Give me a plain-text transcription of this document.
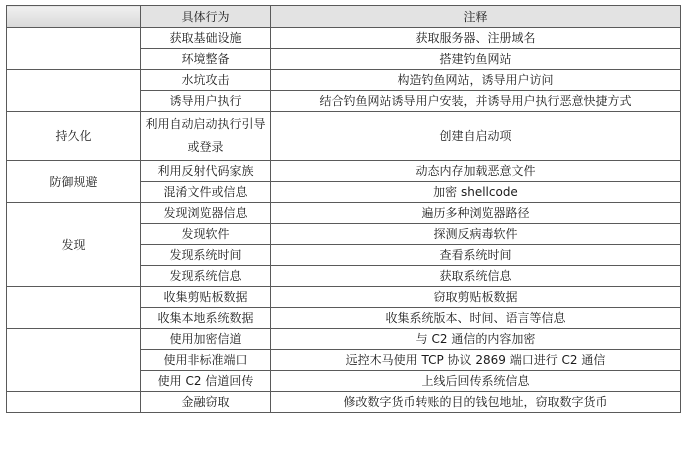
	具体行为	注释
	获取基础设施	获取服务器、注册域名
	环境整备	搭建钓鱼网站
	水坑攻击	构造钓鱼网站，诱导用户访问
	诱导用户执行	结合钓鱼网站诱导用户安装，并诱导用户执行恶意快捷方式
持久化	利用自动启动执行引导或登录	创建自启动项
防御规避	利用反射代码家族	动态内存加载恶意文件
	混淆文件或信息	加密 shellcode
发现	发现浏览器信息	遍历多种浏览器路径
	发现软件	探测反病毒软件
	发现系统时间	查看系统时间
	发现系统信息	获取系统信息
	收集剪贴板数据	窃取剪贴板数据
	收集本地系统数据	收集系统版本、时间、语言等信息
	使用加密信道	与 C2 通信的内容加密
	使用非标准端口	远控木马使用 TCP 协议 2869 端口进行 C2 通信
	使用 C2 信道回传	上线后回传系统信息
	金融窃取	修改数字货币转账的目的钱包地址，窃取数字货币
